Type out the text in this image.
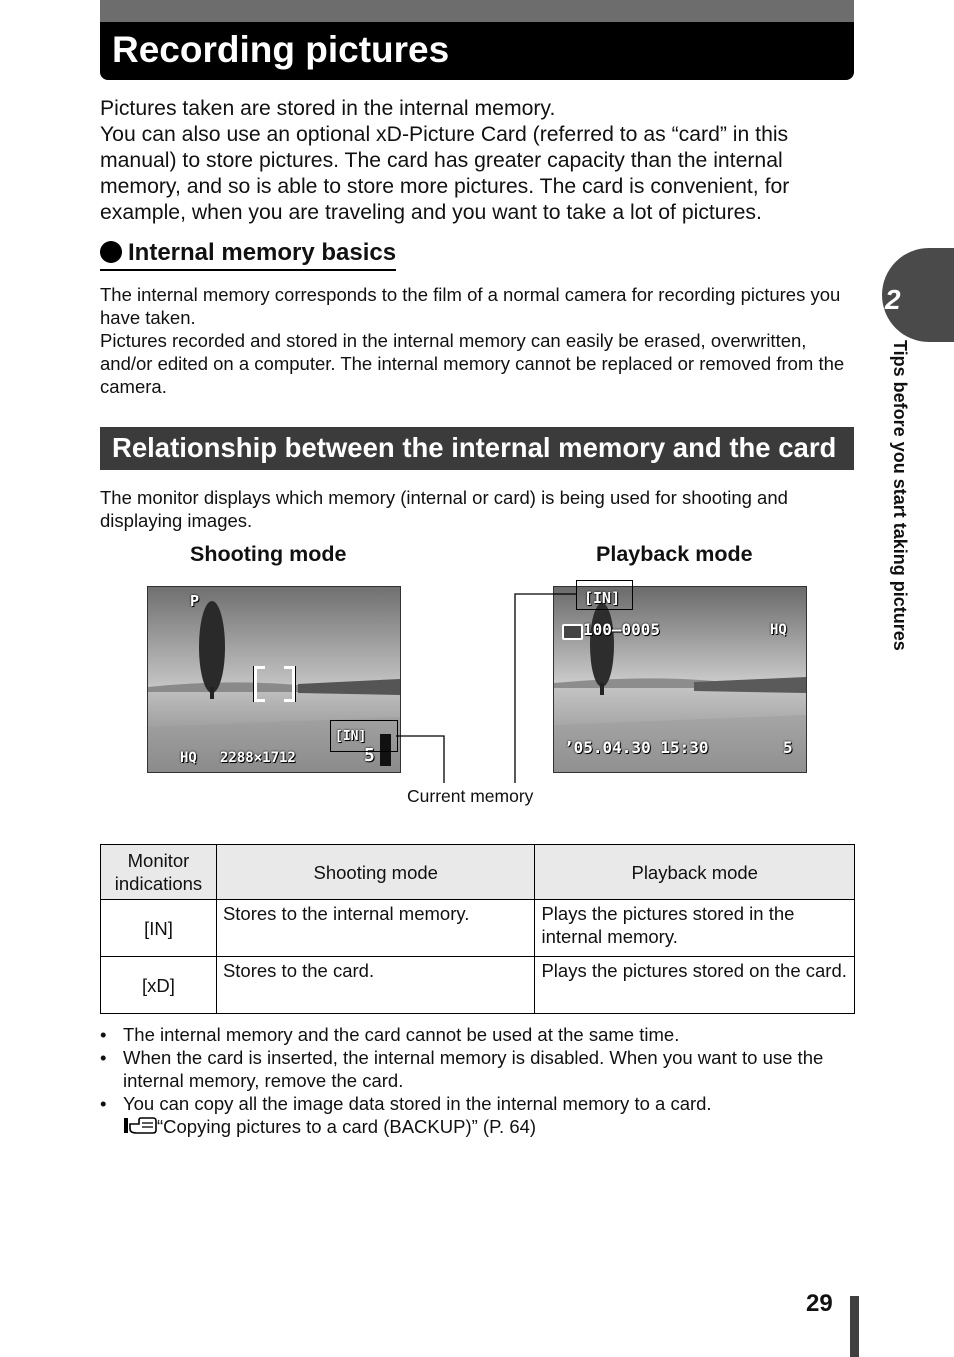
Recording pictures

Pictures taken are stored in the internal memory.

You can also use an optional xD-Picture Card (referred to as “card” in this manual) to store pictures. The card has greater capacity than the internal memory, and so is able to store more pictures. The card is convenient, for example, when you are traveling and you want to take a lot of pictures.

Internal memory basics

The internal memory corresponds to the film of a normal camera for recording pictures you have taken.

Pictures recorded and stored in the internal memory can easily be erased, overwritten, and/or edited on a computer. The internal memory cannot be replaced or removed from the camera.

Relationship between the internal memory and the card

The monitor displays which memory (internal or card) is being used for shooting and displaying images.

Shooting mode	Playback mode
P
[IN]
HQ 2288×1712	5
[IN]
100–0005	HQ
’05.04.30 15:30	5
Current memory
Monitor indications	Shooting mode	Playback mode
[IN]	Stores to the internal memory.	Plays the pictures stored in the internal memory.
[xD]	Stores to the card.	Plays the pictures stored on the card.
• The internal memory and the card cannot be used at the same time.
• When the card is inserted, the internal memory is disabled. When you want to use the internal memory, remove the card.
• You can copy all the image data stored in the internal memory to a card.
“Copying pictures to a card (BACKUP)” (P. 64)
2
Tips before you start taking pictures
29
